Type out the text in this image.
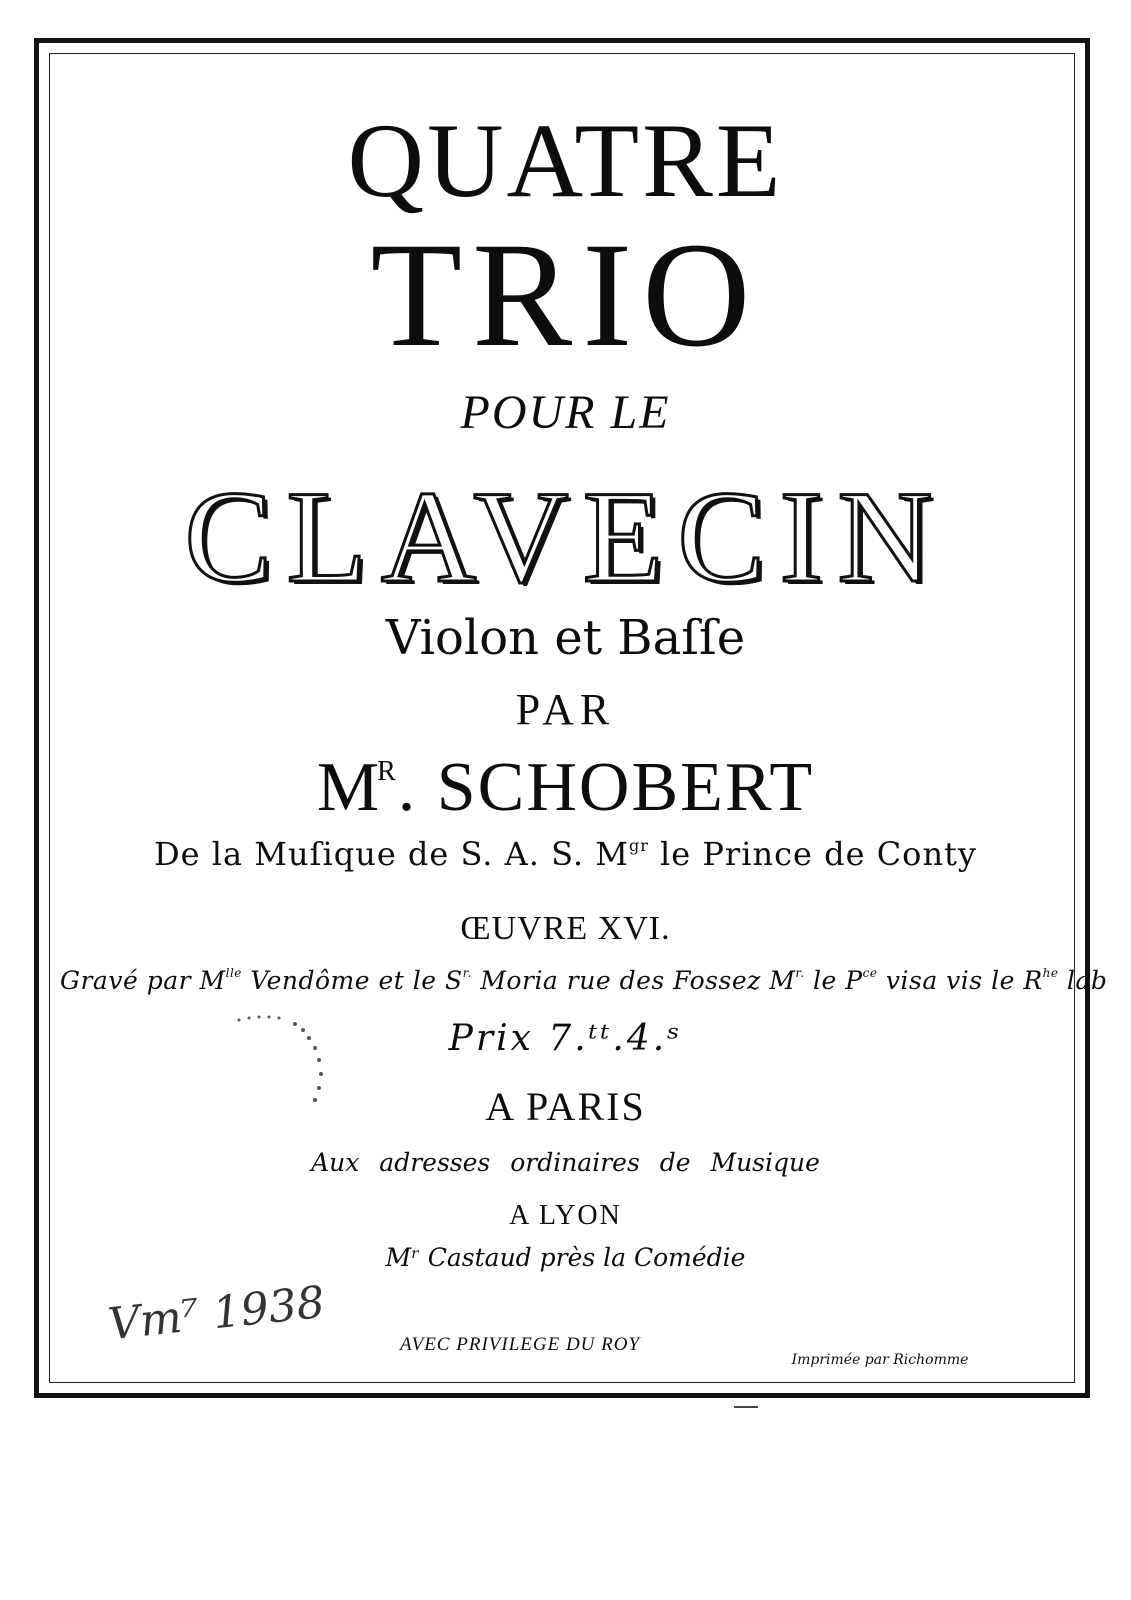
QUATRE
TRIO
POUR LE
CLAVECIN
Violon et Baſſe
PAR
$M^R$. SCHOBERT
De la Muſique de S. A. S. $M^{gr}$ le Prince de Conty
ŒUVRE XVI.
Gravé par $M^{lle}$ Vendôme et le $S^{r.}$ Moria rue des Fossez $M^{r.}$ le $P^{ce}$ visa vis le $R^{he}$ lab
Prix 7.ᵗᵗ.4.ˢ
A PARIS
Aux adresses ordinaires de Musique
A LYON
Mʳ Castaud près la Comédie
Vm⁷ 1938	AVEC PRIVILEGE DU ROY
Imprimée par Richomme
